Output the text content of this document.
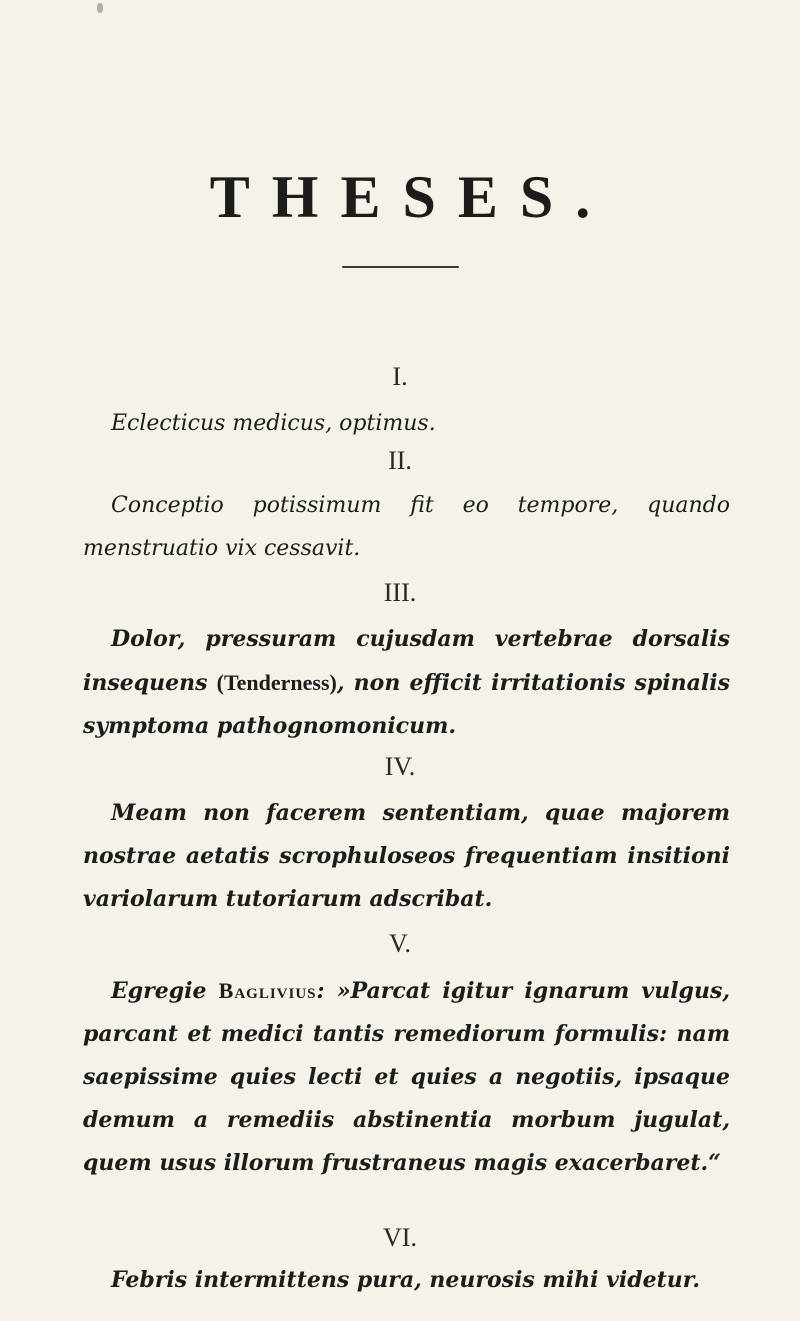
THESES.
I.

Eclecticus medicus, optimus.

II.

Conceptio potissimum fit eo tempore, quando menstruatio vix cessavit.

III.

Dolor, pressuram cujusdam vertebrae dorsalis insequens (Tenderness), non efficit irritationis spinalis symptoma pathognomonicum.

IV.

Meam non facerem sententiam, quae majorem nostrae aetatis scrophuloseos frequentiam insitioni variolarum tutoriarum adscribat.

V.

Egregie Baglivius: »Parcat igitur ignarum vulgus, parcant et medici tantis remediorum formulis: nam saepissime quies lecti et quies a negotiis, ipsaque demum a remediis abstinentia morbum jugulat, quem usus illorum frustraneus magis exacerbaret.“

VI.

Febris intermittens pura, neurosis mihi videtur.
